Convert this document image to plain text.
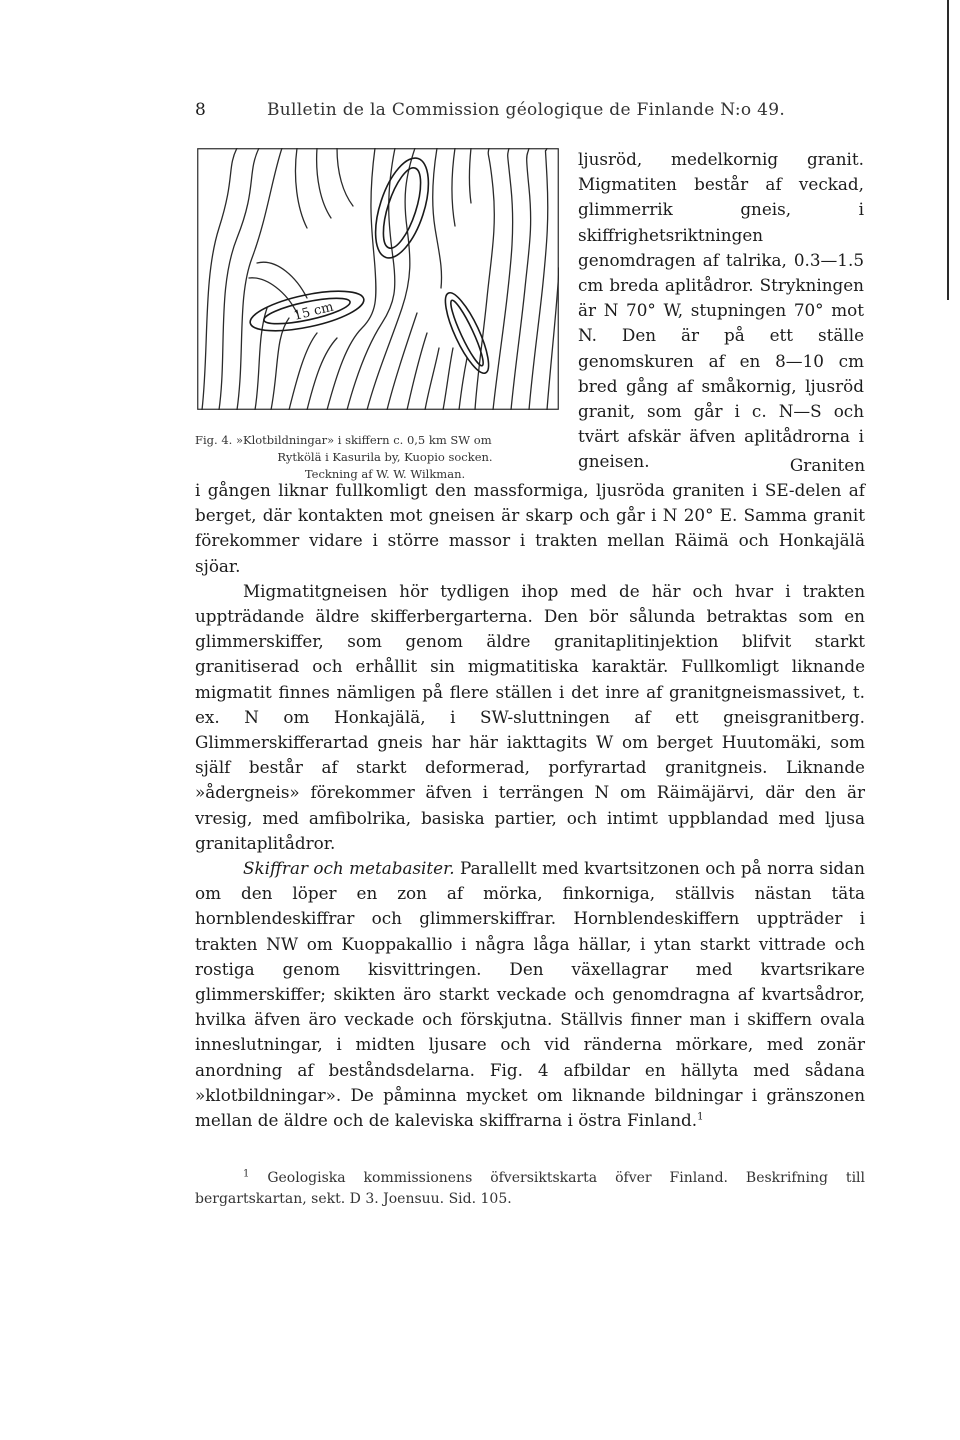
8	Bulletin de la Commission géologique de Finlande N:o 49.
15 cm

Fig. 4. »Klotbildningar» i skiffern c. 0,5 km SW om

Rytkölä i Kasurila by, Kuopio socken.

Teckning af W. W. Wilkman.

ljusröd, medelkornig granit. Migmatiten består af veckad, glimmerrik gneis, i skiffrighetsriktningen genomdragen af talrika, 0.3—1.5 cm breda aplitådror. Strykningen är N 70° W, stupningen 70° mot N. Den är på ett ställe genomskuren af en 8—10 cm bred gång af småkornig, ljusröd granit, som går i c. N—S och tvärt afskär äfven aplitådrorna i gneisen.	Graniten

i gången liknar fullkomligt den massformiga, ljusröda graniten i SE-delen af berget, där kontakten mot gneisen är skarp och går i N 20° E. Samma granit förekommer vidare i större massor i trakten mellan Räimä och Honkajälä sjöar.

Migmatitgneisen hör tydligen ihop med de här och hvar i trakten uppträdande äldre skifferbergarterna. Den bör sålunda betraktas som en glimmerskiffer, som genom äldre granitaplitinjektion blifvit starkt granitiserad och erhållit sin migmatitiska karaktär. Fullkomligt liknande migmatit finnes nämligen på flere ställen i det inre af granitgneismassivet, t. ex. N om Honkajälä, i SW-sluttningen af ett gneisgranitberg. Glimmerskifferartad gneis har här iakttagits W om berget Huutomäki, som själf består af starkt deformerad, porfyrartad granitgneis. Liknande »ådergneis» förekommer äfven i terrängen N om Räimäjärvi, där den är vresig, med amfibolrika, basiska partier, och intimt uppblandad med ljusa granitaplitådror.

Skiffrar och metabasiter. Parallellt med kvartsitzonen och på norra sidan om den löper en zon af mörka, finkorniga, ställvis nästan täta hornblendeskiffrar och glimmerskiffrar. Hornblendeskiffern uppträder i trakten NW om Kuoppakallio i några låga hällar, i ytan starkt vittrade och rostiga genom kisvittringen. Den växellagrar med kvartsrikare glimmerskiffer; skikten äro starkt veckade och genomdragna af kvartsådror, hvilka äfven äro veckade och förskjutna. Ställvis finner man i skiffern ovala inneslutningar, i midten ljusare och vid ränderna mörkare, med zonär anordning af beståndsdelarna. Fig. 4 afbildar en hällyta med sådana »klotbildningar». De påminna mycket om liknande bildningar i gränszonen mellan de äldre och de kaleviska skiffrarna i östra Finland.$^1$

$^1$ Geologiska kommissionens öfversiktskarta öfver Finland. Beskrifning till bergartskartan, sekt. D 3. Joensuu. Sid. 105.
